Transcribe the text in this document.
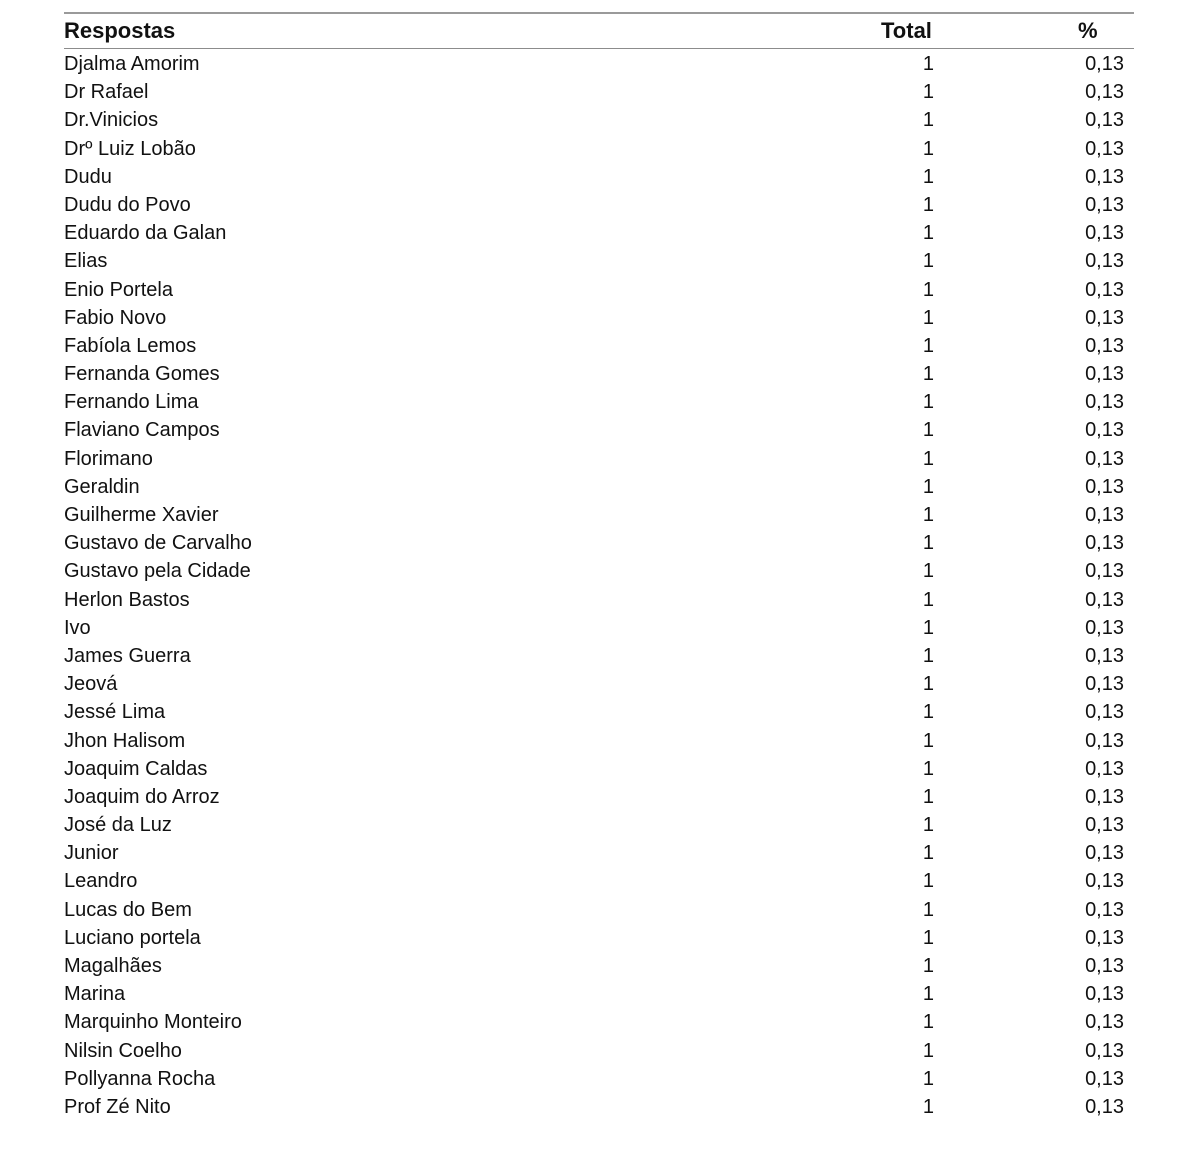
Respostas	Total	%
Djalma Amorim	1	0,13
Dr Rafael	1	0,13
Dr.Vinicios	1	0,13
Drº Luiz Lobão	1	0,13
Dudu	1	0,13
Dudu do Povo	1	0,13
Eduardo da Galan	1	0,13
Elias	1	0,13
Enio Portela	1	0,13
Fabio Novo	1	0,13
Fabíola Lemos	1	0,13
Fernanda Gomes	1	0,13
Fernando Lima	1	0,13
Flaviano Campos	1	0,13
Florimano	1	0,13
Geraldin	1	0,13
Guilherme Xavier	1	0,13
Gustavo de Carvalho	1	0,13
Gustavo pela Cidade	1	0,13
Herlon Bastos	1	0,13
Ivo	1	0,13
James Guerra	1	0,13
Jeová	1	0,13
Jessé Lima	1	0,13
Jhon Halisom	1	0,13
Joaquim Caldas	1	0,13
Joaquim do Arroz	1	0,13
José da Luz	1	0,13
Junior	1	0,13
Leandro	1	0,13
Lucas do Bem	1	0,13
Luciano portela	1	0,13
Magalhães	1	0,13
Marina	1	0,13
Marquinho Monteiro	1	0,13
Nilsin Coelho	1	0,13
Pollyanna Rocha	1	0,13
Prof Zé Nito	1	0,13
